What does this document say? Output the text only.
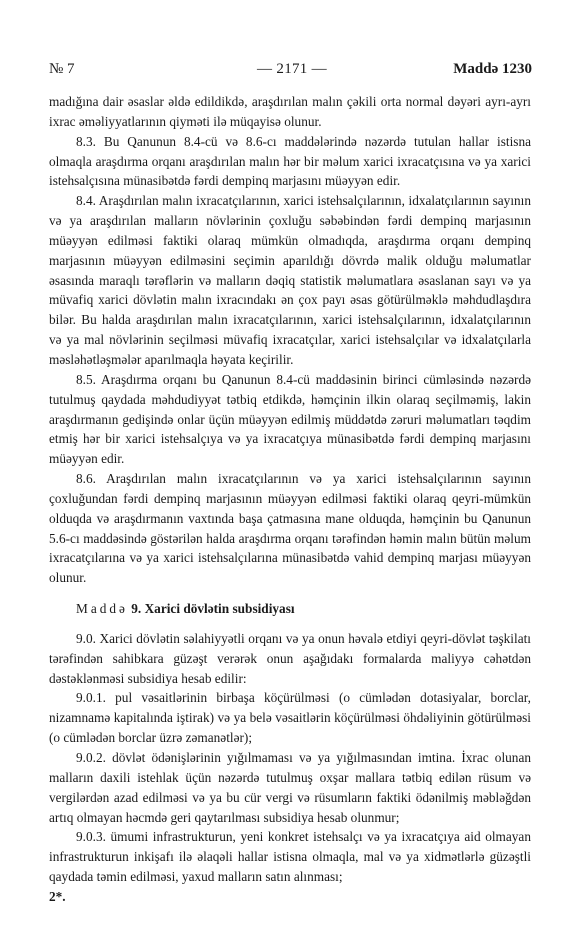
№ 7	— 2171 —	Maddə 1230

madığına dair əsaslar əldə edildikdə, araşdırılan malın çəkili orta normal dəyəri ayrı-ayrı ixrac əməliyyatlarının qiyməti ilə müqayisə olunur.

8.3. Bu Qanunun 8.4-cü və 8.6-cı maddələrində nəzərdə tutulan hallar istisna olmaqla araşdırma orqanı araşdırılan malın hər bir məlum xarici ixracatçısına və ya xarici istehsalçısına münasibətdə fərdi dempinq marjasını müəyyən edir.

8.4. Araşdırılan malın ixracatçılarının, xarici istehsalçılarının, idxalatçılarının sayının və ya araşdırılan malların növlərinin çoxluğu səbəbindən fərdi dempinq marjasının müəyyən edilməsi faktiki olaraq mümkün olmadıqda, araşdırma orqanı dempinq marjasının müəyyən edilməsini seçimin aparıldığı dövrdə malik olduğu məlumatlar əsasında maraqlı tərəflərin və malların dəqiq statistik məlumatlara əsaslanan sayı və ya müvafiq xarici dövlətin malın ixracındakı ən çox payı əsas götürülməklə məhdudlaşdıra bilər. Bu halda araşdırılan malın ixracatçılarının, xarici istehsalçılarının, idxalatçılarının və ya mal növlərinin seçilməsi müvafiq ixracatçılar, xarici istehsalçılar və idxalatçılarla məsləhətləşmələr aparılmaqla həyata keçirilir.

8.5. Araşdırma orqanı bu Qanunun 8.4-cü maddəsinin birinci cümləsində nəzərdə tutulmuş qaydada məhdudiyyət tətbiq etdikdə, həmçinin ilkin olaraq seçilməmiş, lakin araşdırmanın gedişində onlar üçün müəyyən edilmiş müddətdə zəruri məlumatları təqdim etmiş hər bir xarici istehsalçıya və ya ixracatçıya münasibətdə fərdi dempinq marjasını müəyyən edir.

8.6. Araşdırılan malın ixracatçılarının və ya xarici istehsalçılarının sayının çoxluğundan fərdi dempinq marjasının müəyyən edilməsi faktiki olaraq qeyri-mümkün olduqda və araşdırmanın vaxtında başa çatmasına mane olduqda, həmçinin bu Qanunun 5.6-cı maddəsində göstərilən halda araşdırma orqanı tərəfindən həmin malın bütün məlum ixracatçılarına və ya xarici istehsalçılarına münasibətdə vahid dempinq marjası müəyyən olunur.

Maddə 9. Xarici dövlətin subsidiyası

9.0. Xarici dövlətin səlahiyyətli orqanı və ya onun həvalə etdiyi qeyri-dövlət təşkilatı tərəfindən sahibkara güzəşt verərək onun aşağıdakı formalarda maliyyə cəhətdən dəstəklənməsi subsidiya hesab edilir:

9.0.1. pul vəsaitlərinin birbaşa köçürülməsi (o cümlədən dotasiyalar, borclar, nizamnamə kapitalında iştirak) və ya belə vəsaitlərin köçürülməsi öhdəliyinin götürülməsi (o cümlədən borclar üzrə zəmanətlər);

9.0.2. dövlət ödənişlərinin yığılmaması və ya yığılmasından imtina. İxrac olunan malların daxili istehlak üçün nəzərdə tutulmuş oxşar mallara tətbiq edilən rüsum və vergilərdən azad edilməsi və ya bu cür vergi və rüsumların faktiki ödənilmiş məbləğdən artıq olmayan həcmdə geri qaytarılması subsidiya hesab olunmur;

9.0.3. ümumi infrastrukturun, yeni konkret istehsalçı və ya ixracatçıya aid olmayan infrastrukturun inkişafı ilə əlaqəli hallar istisna olmaqla, mal və ya xidmətlərlə güzəştli qaydada təmin edilməsi, yaxud malların satın alınması;

2*.
